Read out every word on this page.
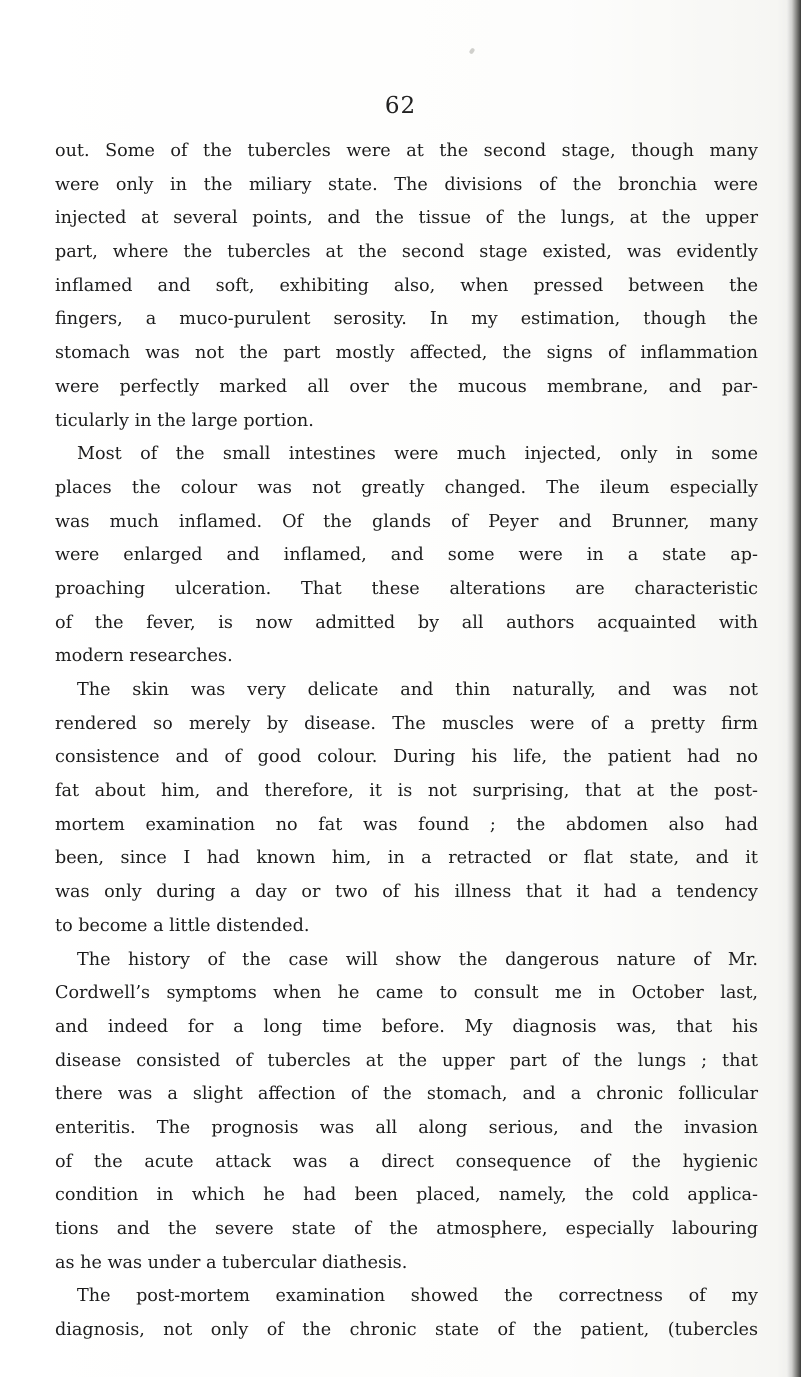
62
out. Some of the tubercles were at the second stage, though many
were only in the miliary state. The divisions of the bronchia were
injected at several points, and the tissue of the lungs, at the upper
part, where the tubercles at the second stage existed, was evidently
inflamed and soft, exhibiting also, when pressed between the
fingers, a muco-purulent serosity. In my estimation, though the
stomach was not the part mostly affected, the signs of inflammation
were perfectly marked all over the mucous membrane, and par-
ticularly in the large portion.
Most of the small intestines were much injected, only in some
places the colour was not greatly changed. The ileum especially
was much inflamed. Of the glands of Peyer and Brunner, many
were enlarged and inflamed, and some were in a state ap-
proaching ulceration. That these alterations are characteristic
of the fever, is now admitted by all authors acquainted with
modern researches.
The skin was very delicate and thin naturally, and was not
rendered so merely by disease. The muscles were of a pretty firm
consistence and of good colour. During his life, the patient had no
fat about him, and therefore, it is not surprising, that at the post-
mortem examination no fat was found ; the abdomen also had
been, since I had known him, in a retracted or flat state, and it
was only during a day or two of his illness that it had a tendency
to become a little distended.
The history of the case will show the dangerous nature of Mr.
Cordwell’s symptoms when he came to consult me in October last,
and indeed for a long time before. My diagnosis was, that his
disease consisted of tubercles at the upper part of the lungs ; that
there was a slight affection of the stomach, and a chronic follicular
enteritis. The prognosis was all along serious, and the invasion
of the acute attack was a direct consequence of the hygienic
condition in which he had been placed, namely, the cold applica-
tions and the severe state of the atmosphere, especially labouring
as he was under a tubercular diathesis.
The post-mortem examination showed the correctness of my
diagnosis, not only of the chronic state of the patient, (tubercles
